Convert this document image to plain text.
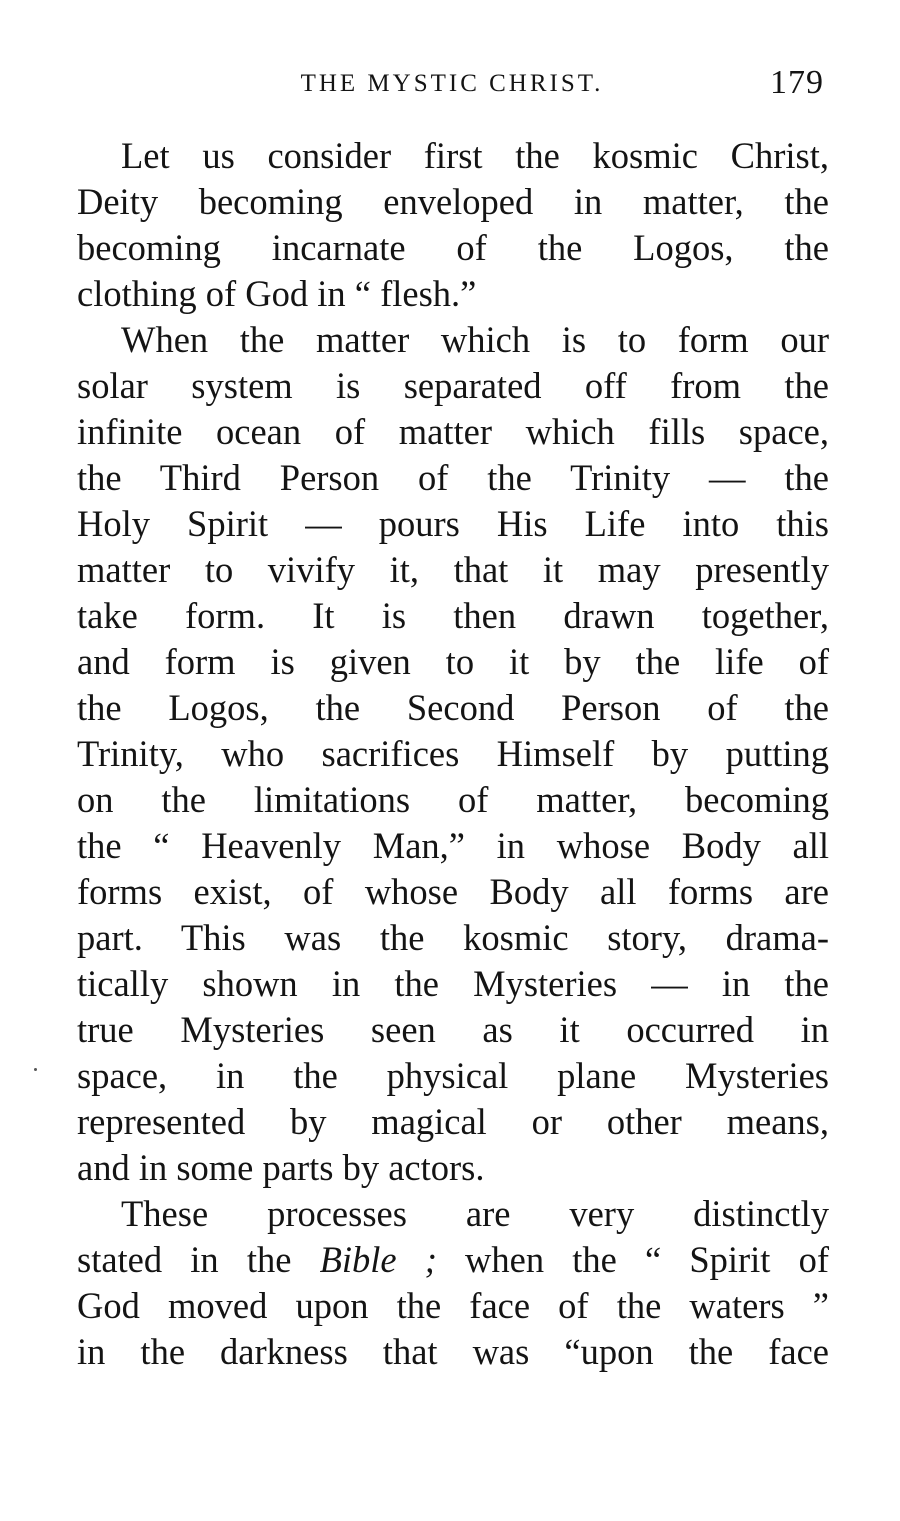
THE MYSTIC CHRIST.	179
Let us consider first the kosmic Christ,
Deity becoming enveloped in matter, the
becoming incarnate of the Logos, the
clothing of God in “ flesh.”
When the matter which is to form our
solar system is separated off from the
infinite ocean of matter which fills space,
the Third Person of the Trinity — the
Holy Spirit — pours His Life into this
matter to vivify it, that it may presently
take form. It is then drawn together,
and form is given to it by the life of
the Logos, the Second Person of the
Trinity, who sacrifices Himself by putting
on the limitations of matter, becoming
the “ Heavenly Man,” in whose Body all
forms exist, of whose Body all forms are
part. This was the kosmic story, drama-
tically shown in the Mysteries — in the
true Mysteries seen as it occurred in
space, in the physical plane Mysteries
represented by magical or other means,
and in some parts by actors.
These processes are very distinctly
stated in the Bible ; when the “ Spirit of
God moved upon the face of the waters ”
in the darkness that was “upon the face
